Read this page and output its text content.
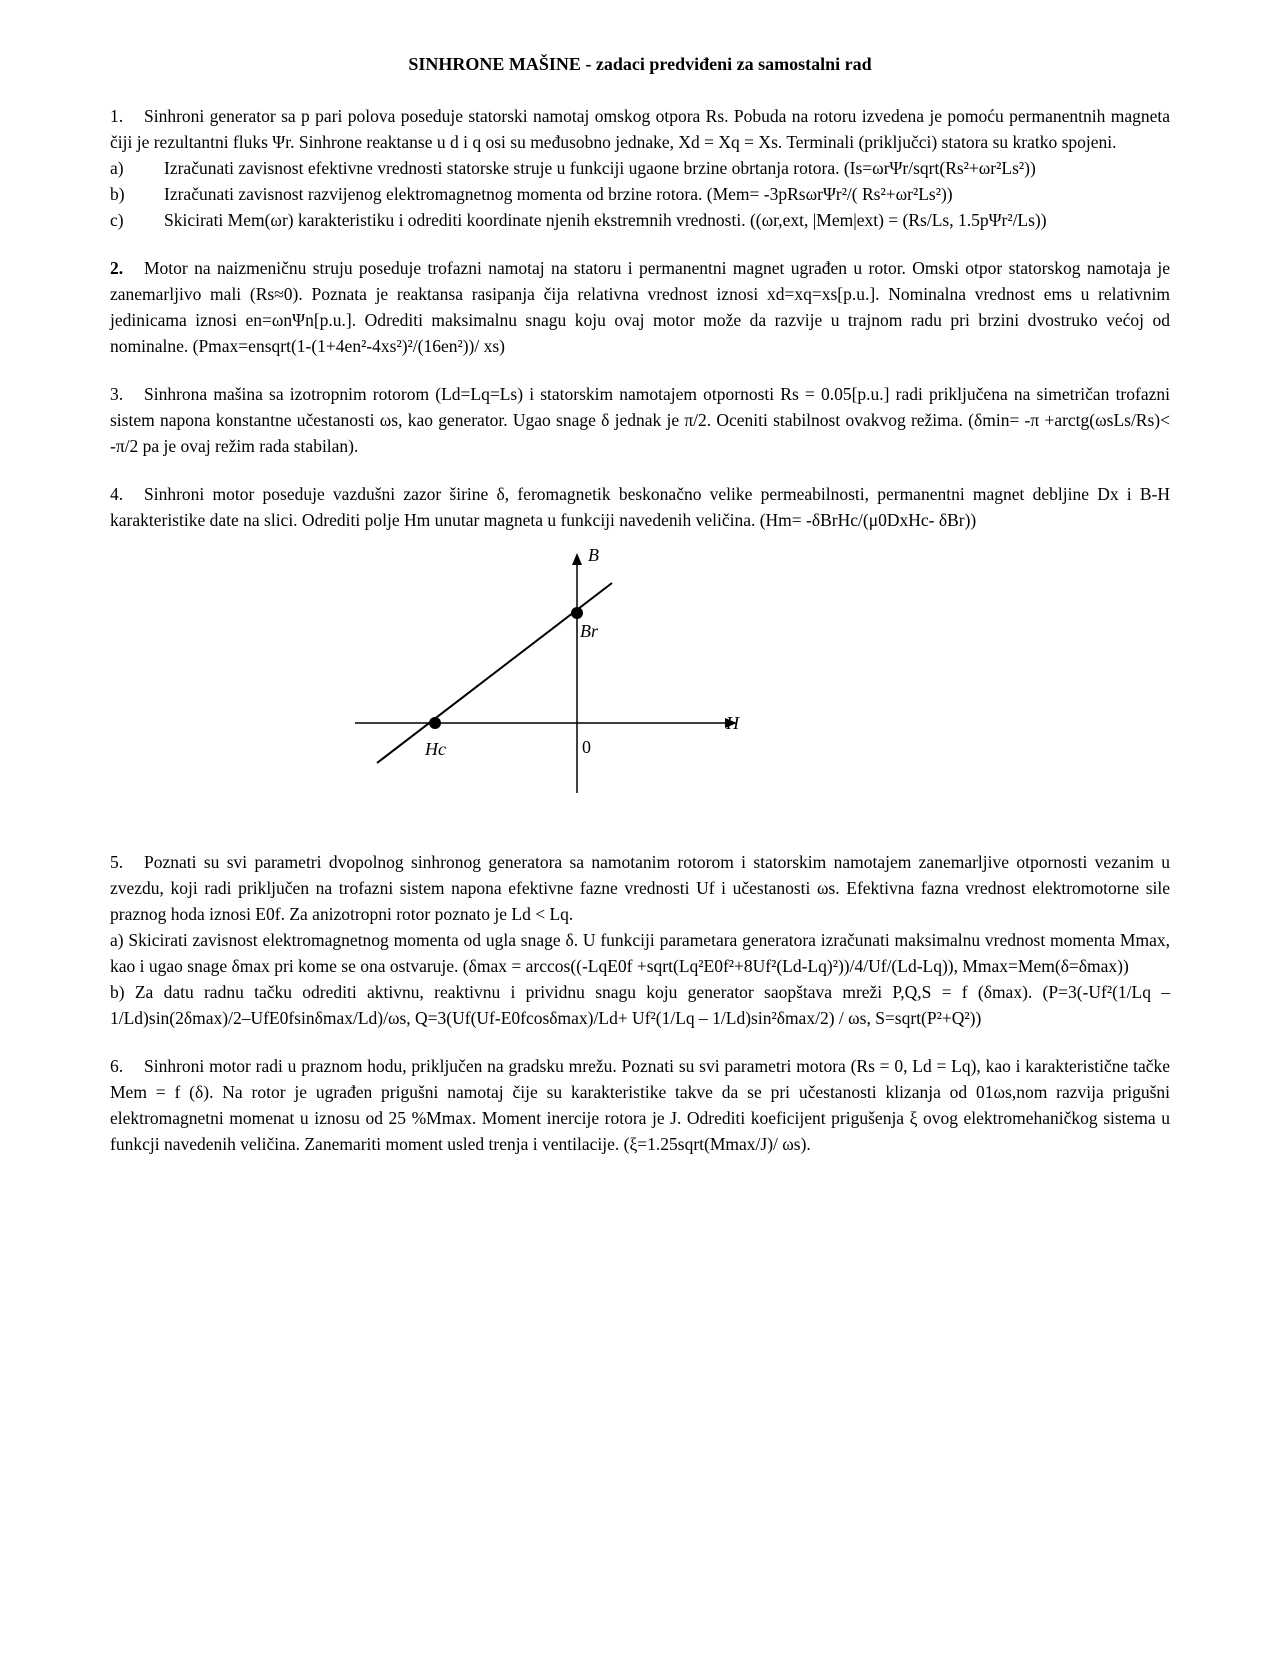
SINHRONE MAŠINE - zadaci predviđeni za samostalni rad

1. Sinhroni generator sa p pari polova poseduje statorski namotaj omskog otpora Rs. Pobuda na rotoru izvedena je pomoću permanentnih magneta čiji je rezultantni fluks Ψr. Sinhrone reaktanse u d i q osi su međusobno jednake, Xd = Xq = Xs. Terminali (priključci) statora su kratko spojeni.

a)	Izračunati zavisnost efektivne vrednosti statorske struje u funkciji ugaone brzine obrtanja rotora. (Is=ωrΨr/sqrt(Rs²+ωr²Ls²))
b)	Izračunati zavisnost razvijenog elektromagnetnog momenta od brzine rotora. (Mem= -3pRsωrΨr²/( Rs²+ωr²Ls²))
c)	Skicirati Mem(ωr) karakteristiku i odrediti koordinate njenih ekstremnih vrednosti. ((ωr,ext, |Mem|ext) = (Rs/Ls, 1.5pΨr²/Ls))

2. Motor na naizmeničnu struju poseduje trofazni namotaj na statoru i permanentni magnet ugrađen u rotor. Omski otpor statorskog namotaja je zanemarljivo mali (Rs≈0). Poznata je reaktansa rasipanja čija relativna vrednost iznosi xd=xq=xs[p.u.]. Nominalna vrednost ems u relativnim jedinicama iznosi en=ωnΨn[p.u.]. Odrediti maksimalnu snagu koju ovaj motor može da razvije u trajnom radu pri brzini dvostruko većoj od nominalne. (Pmax=ensqrt(1-(1+4en²-4xs²)²/(16en²))/ xs)

3. Sinhrona mašina sa izotropnim rotorom (Ld=Lq=Ls) i statorskim namotajem otpornosti Rs = 0.05[p.u.] radi priključena na simetričan trofazni sistem napona konstantne učestanosti ωs, kao generator. Ugao snage δ jednak je π/2. Oceniti stabilnost ovakvog režima. (δmin= -π +arctg(ωsLs/Rs)< -π/2 pa je ovaj režim rada stabilan).

4. Sinhroni motor poseduje vazdušni zazor širine δ, feromagnetik beskonačno velike permeabilnosti, permanentni magnet debljine Dx i B-H karakteristike date na slici. Odrediti polje Hm unutar magneta u funkciji navedenih veličina. (Hm= -δBrHc/(μ0DxHc- δBr))

B
H
Br
Hc	0

5. Poznati su svi parametri dvopolnog sinhronog generatora sa namotanim rotorom i statorskim namotajem zanemarljive otpornosti vezanim u zvezdu, koji radi priključen na trofazni sistem napona efektivne fazne vrednosti Uf i učestanosti ωs. Efektivna fazna vrednost elektromotorne sile praznog hoda iznosi E0f. Za anizotropni rotor poznato je Ld < Lq.

a) Skicirati zavisnost elektromagnetnog momenta od ugla snage δ. U funkciji parametara generatora izračunati maksimalnu vrednost momenta Mmax, kao i ugao snage δmax pri kome se ona ostvaruje. (δmax = arccos((-LqE0f +sqrt(Lq²E0f²+8Uf²(Ld-Lq)²))/4/Uf/(Ld-Lq)), Mmax=Mem(δ=δmax))

b) Za datu radnu tačku odrediti aktivnu, reaktivnu i prividnu snagu koju generator saopštava mreži P,Q,S = f (δmax). (P=3(-Uf²(1/Lq – 1/Ld)sin(2δmax)/2–UfE0fsinδmax/Ld)/ωs, Q=3(Uf(Uf-E0fcosδmax)/Ld+ Uf²(1/Lq – 1/Ld)sin²δmax/2) / ωs, S=sqrt(P²+Q²))

6. Sinhroni motor radi u praznom hodu, priključen na gradsku mrežu. Poznati su svi parametri motora (Rs = 0, Ld = Lq), kao i karakteristične tačke Mem = f (δ). Na rotor je ugrađen prigušni namotaj čije su karakteristike takve da se pri učestanosti klizanja od 01ωs,nom razvija prigušni elektromagnetni momenat u iznosu od 25 %Mmax. Moment inercije rotora je J. Odrediti koeficijent prigušenja ξ ovog elektromehaničkog sistema u funkcji navedenih veličina. Zanemariti moment usled trenja i ventilacije. (ξ=1.25sqrt(Mmax/J)/ ωs).
